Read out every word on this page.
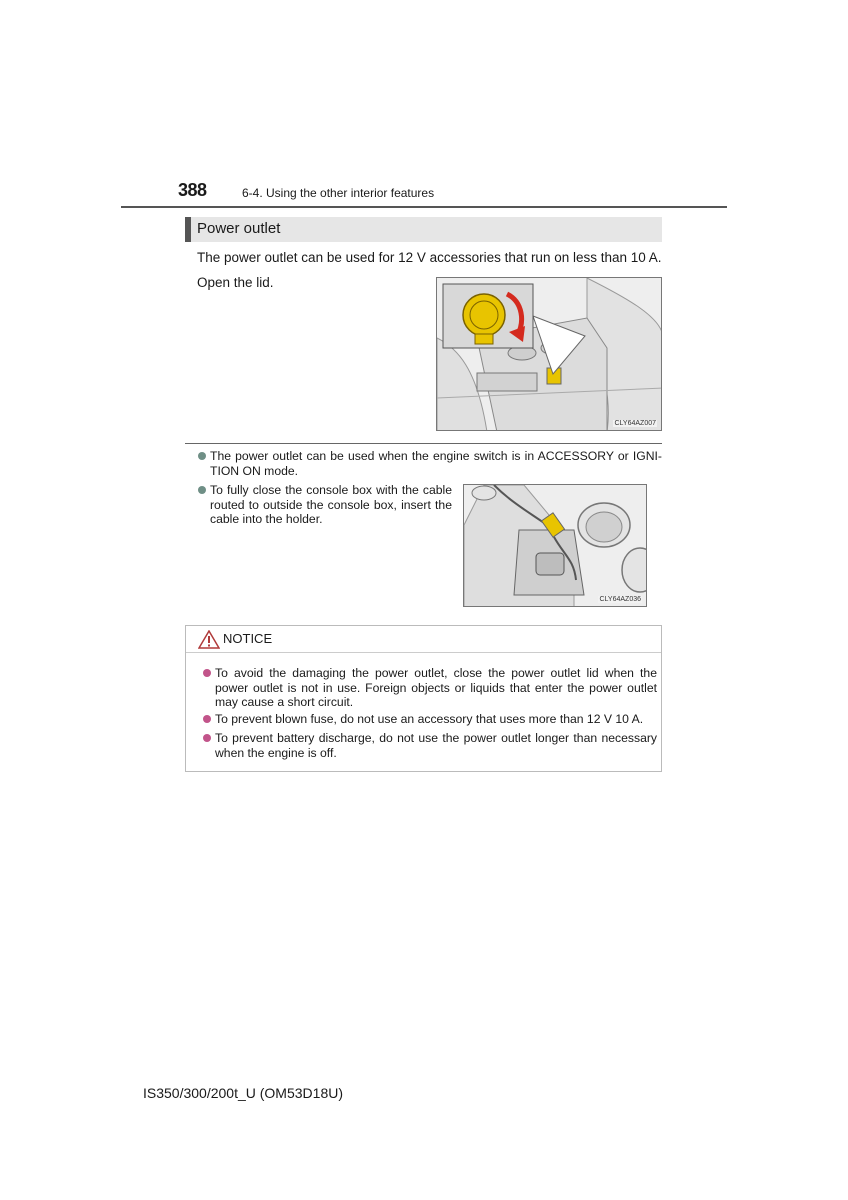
388	6-4. Using the other interior features
Power outlet
The power outlet can be used for 12 V accessories that run on less than 10 A.
Open the lid.
CLY64AZ007
The power outlet can be used when the engine switch is in ACCESSORY or IGNI- TION ON mode.
To fully close the console box with the cable routed to outside the console box, insert the cable into the holder.
CLY64AZ036
NOTICE
To avoid the damaging the power outlet, close the power outlet lid when the power outlet is not in use. Foreign objects or liquids that enter the power outlet may cause a short circuit.
To prevent blown fuse, do not use an accessory that uses more than 12 V 10 A.
To prevent battery discharge, do not use the power outlet longer than necessary when the engine is off.
IS350/300/200t_U (OM53D18U)
